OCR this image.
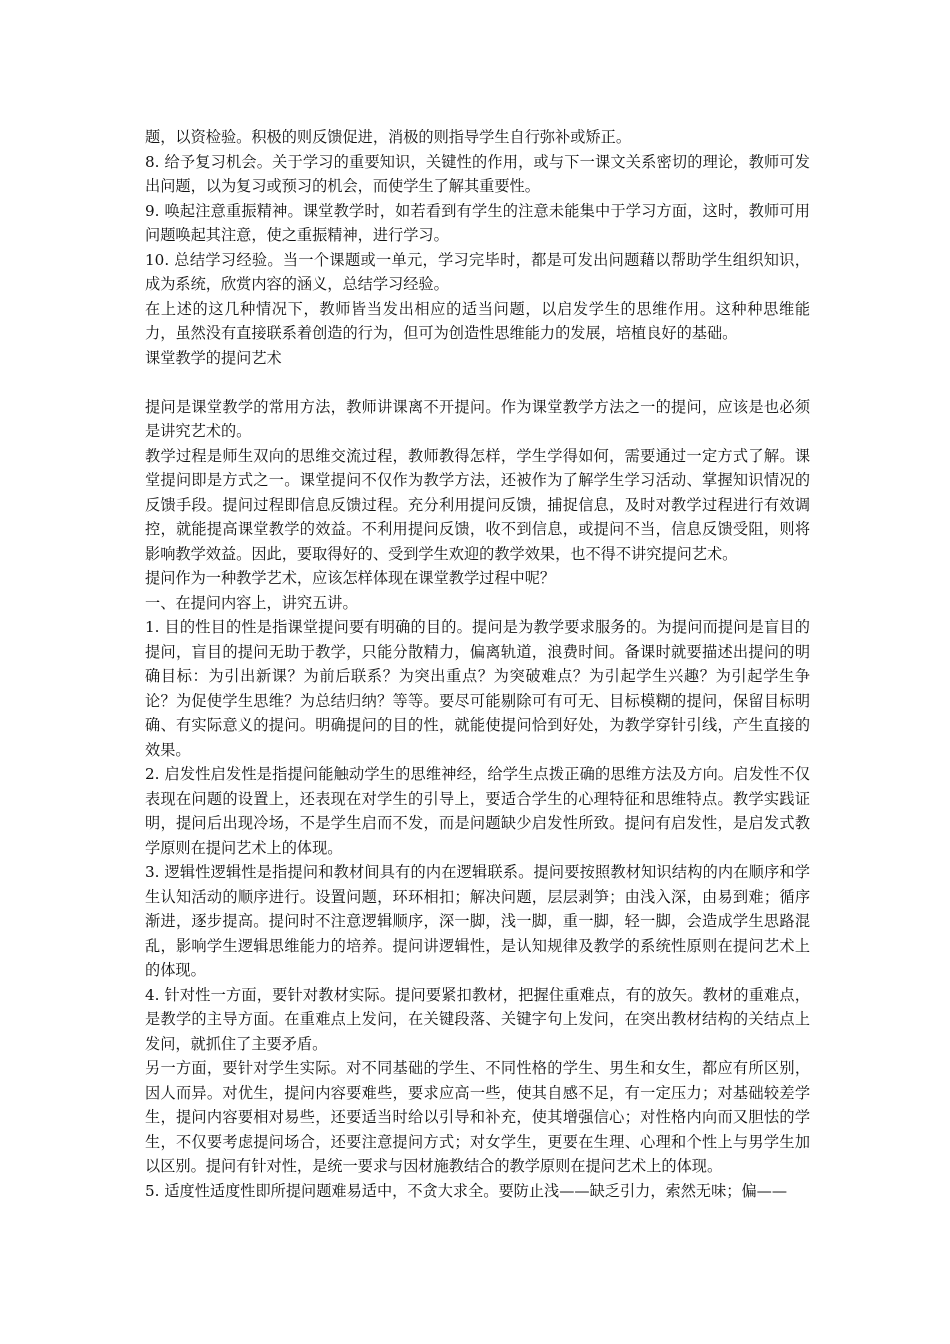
题，以资检验。积极的则反馈促进，消极的则指导学生自行弥补或矫正。

8. 给予复习机会。关于学习的重要知识，关键性的作用，或与下一课文关系密切的理论，教师可发出问题，以为复习或预习的机会，而使学生了解其重要性。

9. 唤起注意重振精神。课堂教学时，如若看到有学生的注意未能集中于学习方面，这时，教师可用问题唤起其注意，使之重振精神，进行学习。

10. 总结学习经验。当一个课题或一单元，学习完毕时，都是可发出问题藉以帮助学生组织知识，成为系统，欣赏内容的涵义，总结学习经验。

在上述的这几种情况下，教师皆当发出相应的适当问题，以启发学生的思维作用。这种种思维能力，虽然没有直接联系着创造的行为，但可为创造性思维能力的发展，培植良好的基础。

课堂教学的提问艺术

提问是课堂教学的常用方法，教师讲课离不开提问。作为课堂教学方法之一的提问，应该是也必须是讲究艺术的。

教学过程是师生双向的思维交流过程，教师教得怎样，学生学得如何，需要通过一定方式了解。课堂提问即是方式之一。课堂提问不仅作为教学方法，还被作为了解学生学习活动、掌握知识情况的反馈手段。提问过程即信息反馈过程。充分利用提问反馈，捕捉信息，及时对教学过程进行有效调控，就能提高课堂教学的效益。不利用提问反馈，收不到信息，或提问不当，信息反馈受阻，则将影响教学效益。因此，要取得好的、受到学生欢迎的教学效果，也不得不讲究提问艺术。

提问作为一种教学艺术，应该怎样体现在课堂教学过程中呢？

一、在提问内容上，讲究五讲。

1. 目的性目的性是指课堂提问要有明确的目的。提问是为教学要求服务的。为提问而提问是盲目的提问，盲目的提问无助于教学，只能分散精力，偏离轨道，浪费时间。备课时就要描述出提问的明确目标：为引出新课？为前后联系？为突出重点？为突破难点？为引起学生兴趣？为引起学生争论？为促使学生思维？为总结归纳？等等。要尽可能剔除可有可无、目标模糊的提问，保留目标明确、有实际意义的提问。明确提问的目的性，就能使提问恰到好处，为教学穿针引线，产生直接的效果。

2. 启发性启发性是指提问能触动学生的思维神经，给学生点拨正确的思维方法及方向。启发性不仅表现在问题的设置上，还表现在对学生的引导上，要适合学生的心理特征和思维特点。教学实践证明，提问后出现冷场，不是学生启而不发，而是问题缺少启发性所致。提问有启发性，是启发式教学原则在提问艺术上的体现。

3. 逻辑性逻辑性是指提问和教材间具有的内在逻辑联系。提问要按照教材知识结构的内在顺序和学生认知活动的顺序进行。设置问题，环环相扣；解决问题，层层剥笋；由浅入深，由易到难；循序渐进，逐步提高。提问时不注意逻辑顺序，深一脚，浅一脚，重一脚，轻一脚，会造成学生思路混乱，影响学生逻辑思维能力的培养。提问讲逻辑性，是认知规律及教学的系统性原则在提问艺术上的体现。

4. 针对性一方面，要针对教材实际。提问要紧扣教材，把握住重难点，有的放矢。教材的重难点，是教学的主导方面。在重难点上发问，在关键段落、关键字句上发问，在突出教材结构的关结点上发问，就抓住了主要矛盾。

另一方面，要针对学生实际。对不同基础的学生、不同性格的学生、男生和女生，都应有所区别，因人而异。对优生，提问内容要难些，要求应高一些，使其自感不足，有一定压力；对基础较差学生，提问内容要相对易些，还要适当时给以引导和补充，使其增强信心；对性格内向而又胆怯的学生，不仅要考虑提问场合，还要注意提问方式；对女学生，更要在生理、心理和个性上与男学生加以区别。提问有针对性，是统一要求与因材施教结合的教学原则在提问艺术上的体现。

5. 适度性适度性即所提问题难易适中，不贪大求全。要防止浅——缺乏引力，索然无味；偏——
